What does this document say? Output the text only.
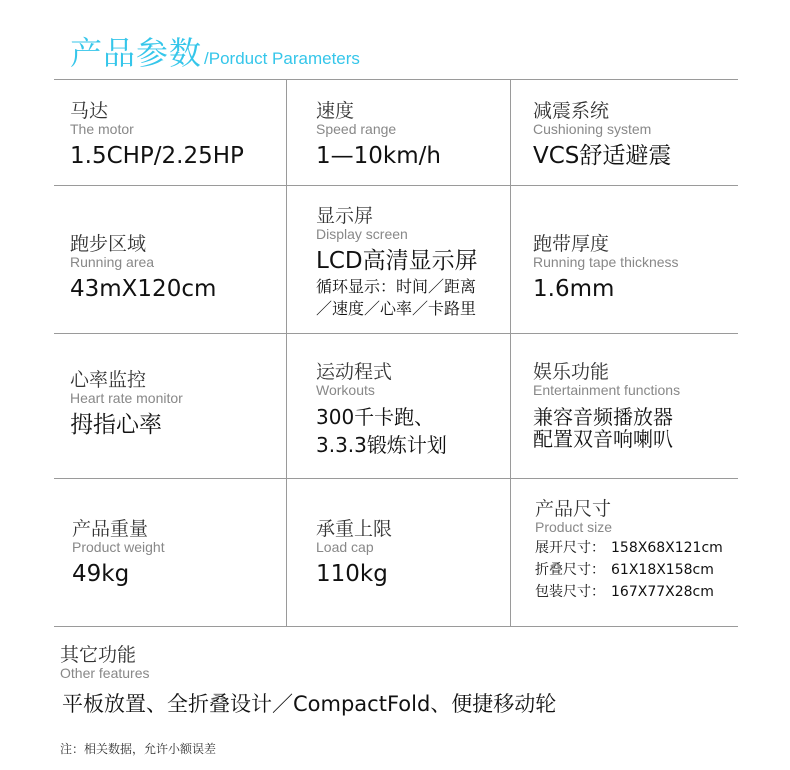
产品参数 /Porduct Parameters
马达
The motor
1.5CHP/2.25HP
速度
Speed range
1—10km/h
减震系统
Cushioning system
VCS舒适避震
跑步区域
Running area
43mX120cm
显示屏
Display screen
LCD高清显示屏
循环显示：时间／距离
／速度／心率／卡路里
跑带厚度
Running tape thickness
1.6mm
心率监控
Heart rate monitor
拇指心率
运动程式
Workouts
300千卡跑、
3.3.3锻炼计划
娱乐功能
Entertainment functions
兼容音频播放器
配置双音响喇叭
产品重量
Product weight
49kg
承重上限
Load cap
110kg
产品尺寸
Product size
展开尺寸： 158X68X121cm
折叠尺寸： 61X18X158cm
包装尺寸： 167X77X28cm
其它功能
Other features
平板放置、全折叠设计／CompactFold、便捷移动轮
注：相关数据，允许小额误差
